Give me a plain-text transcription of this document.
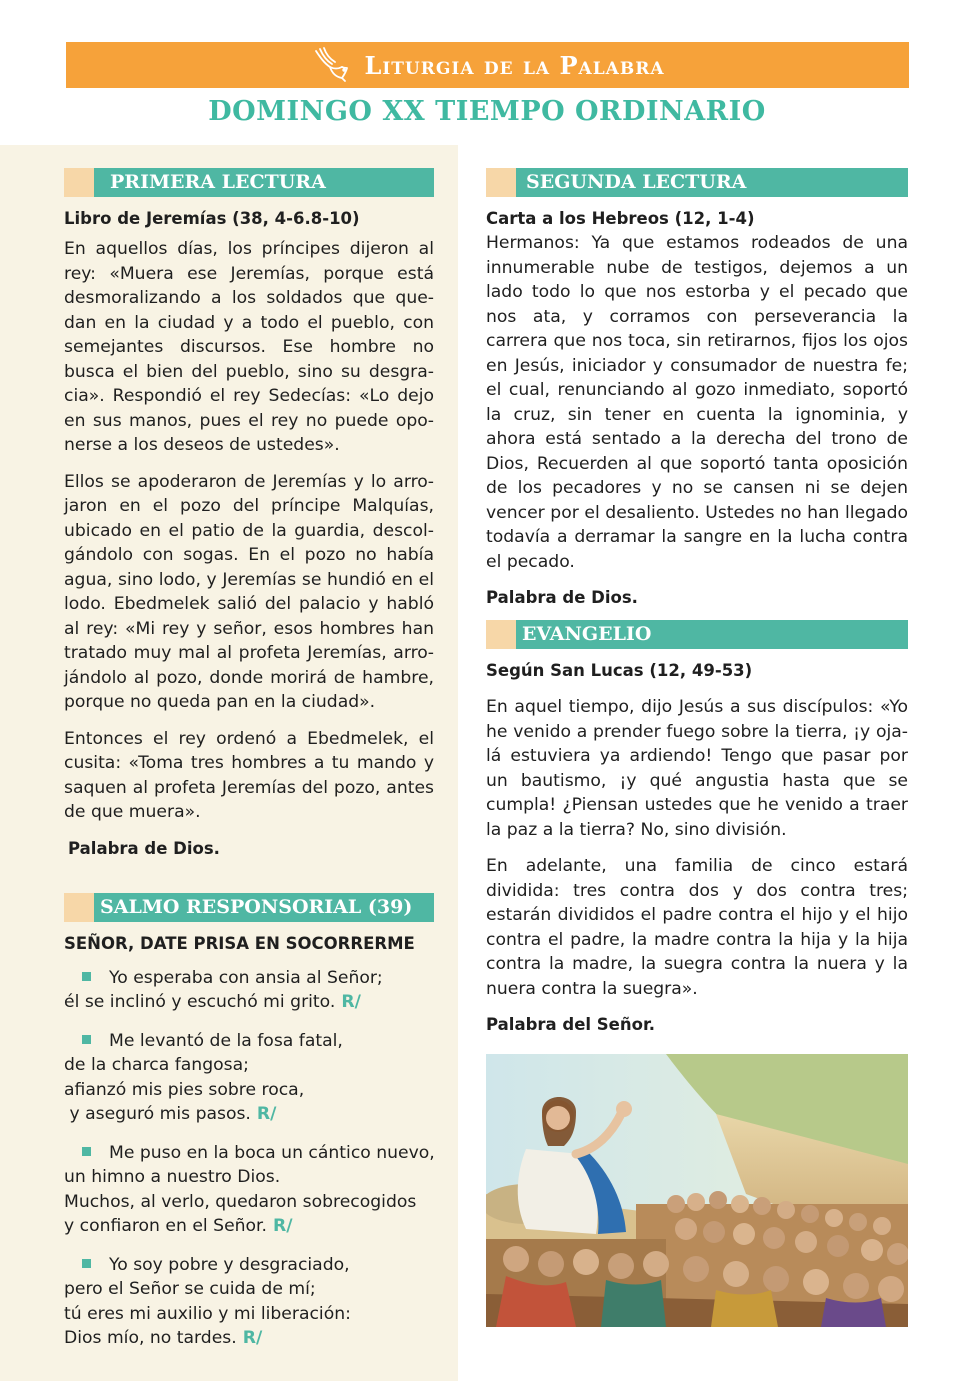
Liturgia de la Palabra
DOMINGO XX TIEMPO ORDINARIO
PRIMERA LECTURA
Libro de Jeremías (38, 4-6.8-10)

En aquellos días, los príncipes dijeron al rey: «Muera ese Jeremías, porque está desmoralizando a los soldados que quedan en la ciudad y a todo el pueblo, con semejantes discursos. Ese hombre no busca el bien del pueblo, sino su desgracia». Respondió el rey Sedecías: «Lo dejo en sus manos, pues el rey no puede oponerse a los deseos de ustedes».

Ellos se apoderaron de Jeremías y lo arrojaron en el pozo del príncipe Malquías, ubicado en el patio de la guardia, descolgándolo con sogas. En el pozo no había agua, sino lodo, y Jeremías se hundió en el lodo. Ebedmelek salió del palacio y habló al rey: «Mi rey y señor, esos hombres han tratado muy mal al profeta Jeremías, arrojándolo al pozo, donde morirá de hambre, porque no queda pan en la ciudad».

Entonces el rey ordenó a Ebedmelek, el cusita: «Toma tres hombres a tu mando y saquen al profeta Jeremías del pozo, antes de que muera».

Palabra de Dios.
SALMO RESPONSORIAL (39)
SEÑOR, DATE PRISA EN SOCORRERME
Yo esperaba con ansia al Señor;
él se inclinó y escuchó mi grito. R/
Me levantó de la fosa fatal,
de la charca fangosa;
afianzó mis pies sobre roca,
y aseguró mis pasos. R/
Me puso en la boca un cántico nuevo,
un himno a nuestro Dios.
Muchos, al verlo, quedaron sobrecogidos
y confiaron en el Señor. R/
Yo soy pobre y desgraciado,
pero el Señor se cuida de mí;
tú eres mi auxilio y mi liberación:
Dios mío, no tardes. R/
SEGUNDA LECTURA
Carta a los Hebreos (12, 1-4)

Hermanos: Ya que estamos rodeados de una innumerable nube de testigos, dejemos a un lado todo lo que nos estorba y el pecado que nos ata, y corramos con perseverancia la carrera que nos toca, sin retirarnos, fijos los ojos en Jesús, iniciador y consumador de nuestra fe; el cual, renunciando al gozo inmediato, soportó la cruz, sin tener en cuenta la ignominia, y ahora está sentado a la derecha del trono de Dios, Recuerden al que soportó tanta oposición de los pecadores y no se cansen ni se dejen vencer por el desaliento. Ustedes no han llegado todavía a derramar la sangre en la lucha contra el pecado.

Palabra de Dios.
EVANGELIO
Según San Lucas (12, 49-53)

En aquel tiempo, dijo Jesús a sus discípulos: «Yo he venido a prender fuego sobre la tierra, ¡y ojalá estuviera ya ardiendo! Tengo que pasar por un bautismo, ¡y qué angustia hasta que se cumpla! ¿Piensan ustedes que he venido a traer la paz a la tierra? No, sino división.

En adelante, una familia de cinco estará dividida: tres contra dos y dos contra tres; estarán divididos el padre contra el hijo y el hijo contra el padre, la madre contra la hija y la hija contra la madre, la suegra contra la nuera y la nuera contra la suegra».

Palabra del Señor.
